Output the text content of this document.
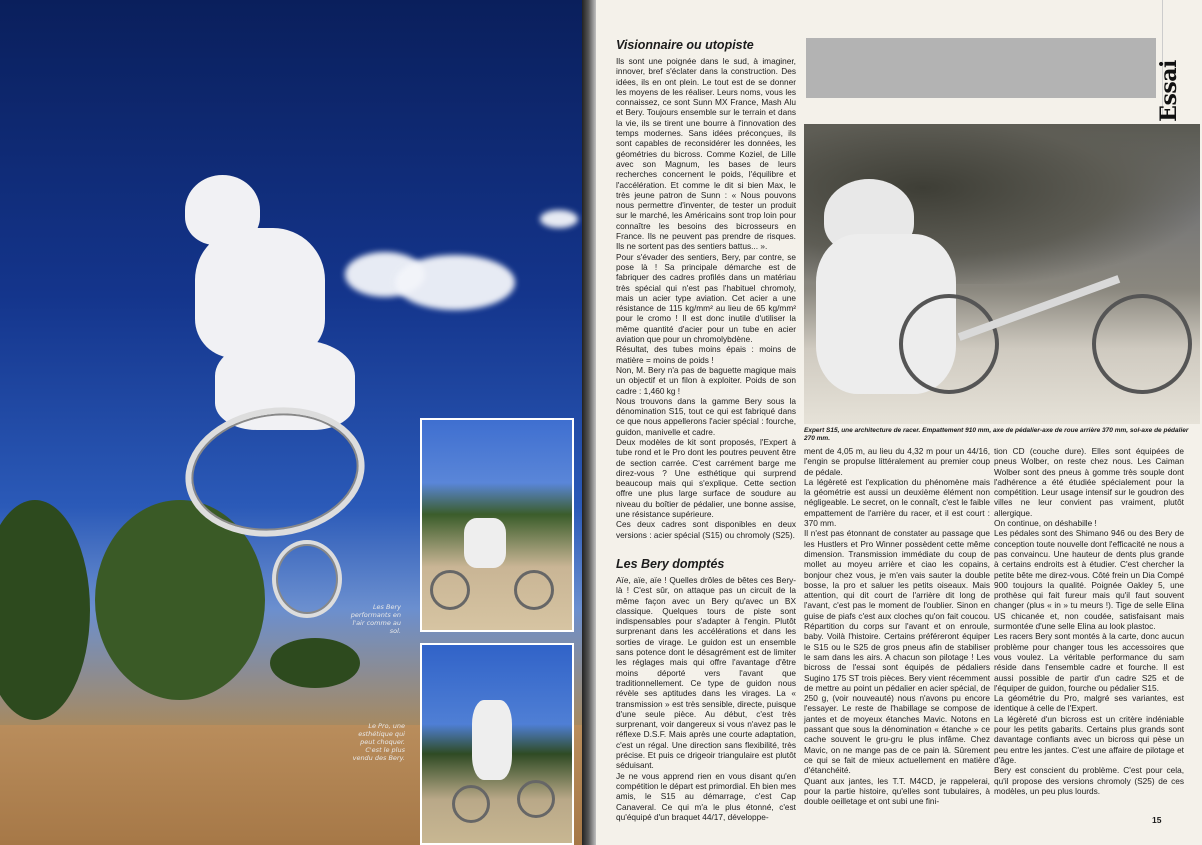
Les Bery performants en l'air comme au sol.
Le Pro, une esthétique qui peut choquer. C'est le plus vendu des Bery.
Essai
Visionnaire ou utopiste

Ils sont une poignée dans le sud, à imaginer, innover, bref s'éclater dans la construction. Des idées, ils en ont plein. Le tout est de se donner les moyens de les réaliser. Leurs noms, vous les connaissez, ce sont Sunn MX France, Mash Alu et Bery. Toujours ensemble sur le terrain et dans la vie, ils se tirent une bourre à l'innovation des temps modernes. Sans idées préconçues, ils sont capables de reconsidérer les données, les géométries du bicross. Comme Koziel, de Lille avec son Magnum, les bases de leurs recherches concernent le poids, l'équilibre et l'accélération. Et comme le dit si bien Max, le très jeune patron de Sunn : « Nous pouvons nous permettre d'inventer, de tester un produit sur le marché, les Américains sont trop loin pour connaître les besoins des bicrosseurs en France. Ils ne peuvent pas prendre de risques. Ils ne sortent pas des sentiers battus... ».

Pour s'évader des sentiers, Bery, par contre, se pose là ! Sa principale démarche est de fabriquer des cadres profilés dans un matériau très spécial qui n'est pas l'habituel chromoly, mais un acier type aviation. Cet acier a une résistance de 115 kg/mm² au lieu de 65 kg/mm² pour le cromo ! Il est donc inutile d'utiliser la même quantité d'acier pour un tube en acier aviation que pour un chromolybdène.

Résultat, des tubes moins épais : moins de matière = moins de poids !

Non, M. Bery n'a pas de baguette magique mais un objectif et un filon à exploiter. Poids de son cadre : 1,460 kg !

Nous trouvons dans la gamme Bery sous la dénomination S15, tout ce qui est fabriqué dans ce que nous appellerons l'acier spécial : fourche, guidon, manivelle et cadre.

Deux modèles de kit sont proposés, l'Expert à tube rond et le Pro dont les poutres peuvent être de section carrée. C'est carrément barge me direz-vous ? Une esthétique qui surprend beaucoup mais qui s'explique. Cette section offre une plus large surface de soudure au niveau du boîtier de pédalier, une bonne assise, une résistance supérieure.

Ces deux cadres sont disponibles en deux versions : acier spécial (S15) ou chromoly (S25).

Les Bery domptés

Aïe, aïe, aïe ! Quelles drôles de bêtes ces Bery-là ! C'est sûr, on attaque pas un circuit de la même façon avec un Bery qu'avec un BX classique. Quelques tours de piste sont indispensables pour s'adapter à l'engin. Plutôt surprenant dans les accélérations et dans les sorties de virage. Le guidon est un ensemble sans potence dont le désagrément est de limiter les réglages mais qui offre l'avantage d'être moins déporté vers l'avant que traditionnellement. Ce type de guidon nous révèle ses aptitudes dans les virages. La « transmission » est très sensible, directe, puisque d'une seule pièce. Au début, c'est très surprenant, voir dangereux si vous n'avez pas le réflexe D.S.F. Mais après une courte adaptation, c'est un régal. Une direction sans flexibilité, très précise. Et puis ce drigeoir triangulaire est plutôt séduisant.

Je ne vous apprend rien en vous disant qu'en compétition le départ est primordial. Eh bien mes amis, le S15 au démarrage, c'est Cap Canaveral. Ce qui m'a le plus étonné, c'est qu'équipé d'un braquet 44/17, développe-

Expert S15, une architecture de racer. Empattement 910 mm, axe de pédalier-axe de roue arrière 370 mm, sol-axe de pédalier 270 mm.

ment de 4,05 m, au lieu du 4,32 m pour un 44/16, l'engin se propulse littéralement au premier coup de pédale.

La légèreté est l'explication du phénomène mais la géométrie est aussi un deuxième élément non négligeable. Le secret, on le connaît, c'est le faible empattement de l'arrière du racer, et il est court : 370 mm.

Il n'est pas étonnant de constater au passage que les Hustlers et Pro Winner possèdent cette même dimension. Transmission immédiate du coup de mollet au moyeu arrière et ciao les copains, bonjour chez vous, je m'en vais sauter la double bosse, la pro et saluer les petits oiseaux. Mais attention, qui dit court de l'arrière dit long de l'avant, c'est pas le moment de l'oublier. Sinon en guise de piafs c'est aux cloches qu'on fait coucou. Répartition du corps sur l'avant et on enroule, baby. Voilà l'histoire. Certains préféreront équiper le S15 ou le S25 de gros pneus afin de stabiliser le sam dans les airs. A chacun son pilotage ! Les bicross de l'essai sont équipés de pédaliers Sugino 175 ST trois pièces. Bery vient récemment de mettre au point un pédalier en acier spécial, de 250 g, (voir nouveauté) nous n'avons pu encore l'essayer. Le reste de l'habillage se compose de jantes et de moyeux étanches Mavic. Notons en passant que sous la dénomination « étanche » ce cache souvent le gru-gru le plus infâme. Chez Mavic, on ne mange pas de ce pain là. Sûrement ce qui se fait de mieux actuellement en matière d'étanchéité.

Quant aux jantes, les T.T. M4CD, je rappelerai, pour la partie histoire, qu'elles sont tubulaires, à double oeilletage et ont subi une fini-

tion CD (couche dure). Elles sont équipées de pneus Wolber, on reste chez nous. Les Caiman Wolber sont des pneus à gomme très souple dont l'adhérence a été étudiée spécialement pour la compétition. Leur usage intensif sur le goudron des villes ne leur convient pas vraiment, plutôt allergique.

On continue, on déshabille !

Les pédales sont des Shimano 946 ou des Bery de conception toute nouvelle dont l'efficacité ne nous a pas convaincu. Une hauteur de dents plus grande à certains endroits est à étudier. C'est chercher la petite bête me direz-vous. Côté frein un Dia Compé 900 toujours la qualité. Poignée Oakley 5, une prothèse qui fait fureur mais qu'il faut souvent changer (plus « in » tu meurs !). Tige de selle Elina US chicanée et, non coudée, satisfaisant mais surmontée d'une selle Elina au look plastoc.

Les racers Bery sont montés à la carte, donc aucun problème pour changer tous les accessoires que vous voulez. La véritable performance du sam réside dans l'ensemble cadre et fourche. Il est aussi possible de partir d'un cadre S25 et de l'équiper de guidon, fourche ou pédalier S15.

La géométrie du Pro, malgré ses variantes, est identique à celle de l'Expert.

La légèreté d'un bicross est un critère indéniable pour les petits gabarits. Certains plus grands sont davantage confiants avec un bicross qui pèse un peu entre les jantes. C'est une affaire de pilotage et d'âge.

Bery est conscient du problème. C'est pour cela, qu'il propose des versions chromoly (S25) de ces modèles, un peu plus lourds.

15
